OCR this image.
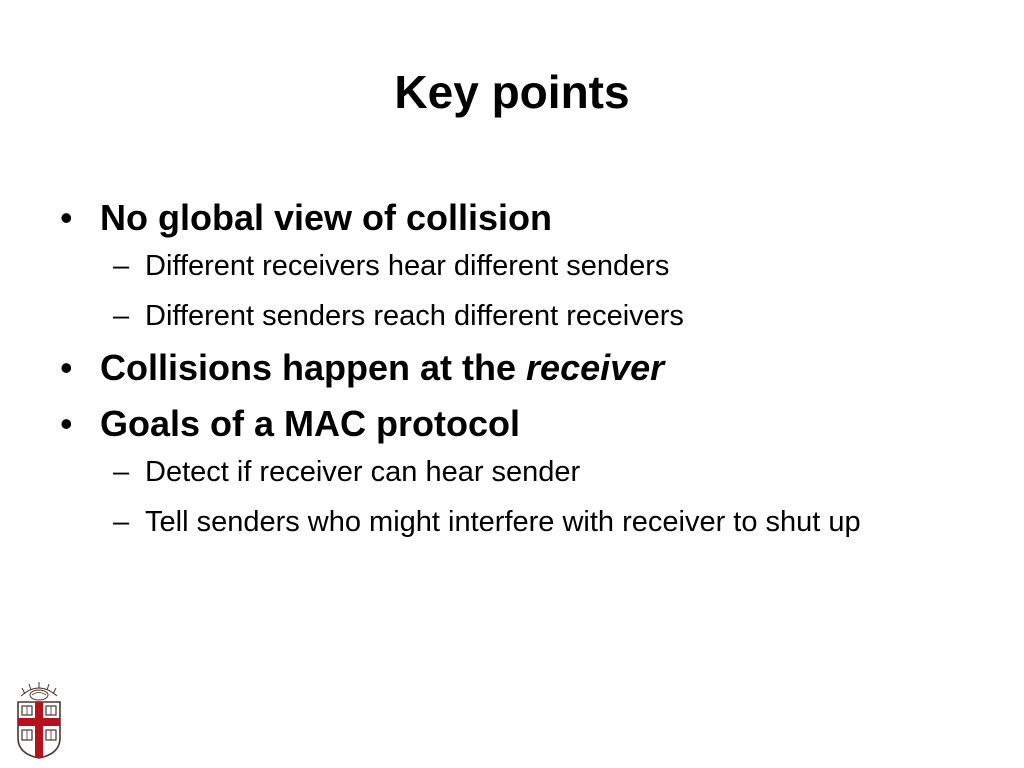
Key points
• No global view of collision
– Different receivers hear different senders
– Different senders reach different receivers
• Collisions happen at the receiver
• Goals of a MAC protocol
– Detect if receiver can hear sender
– Tell senders who might interfere with receiver to shut up
